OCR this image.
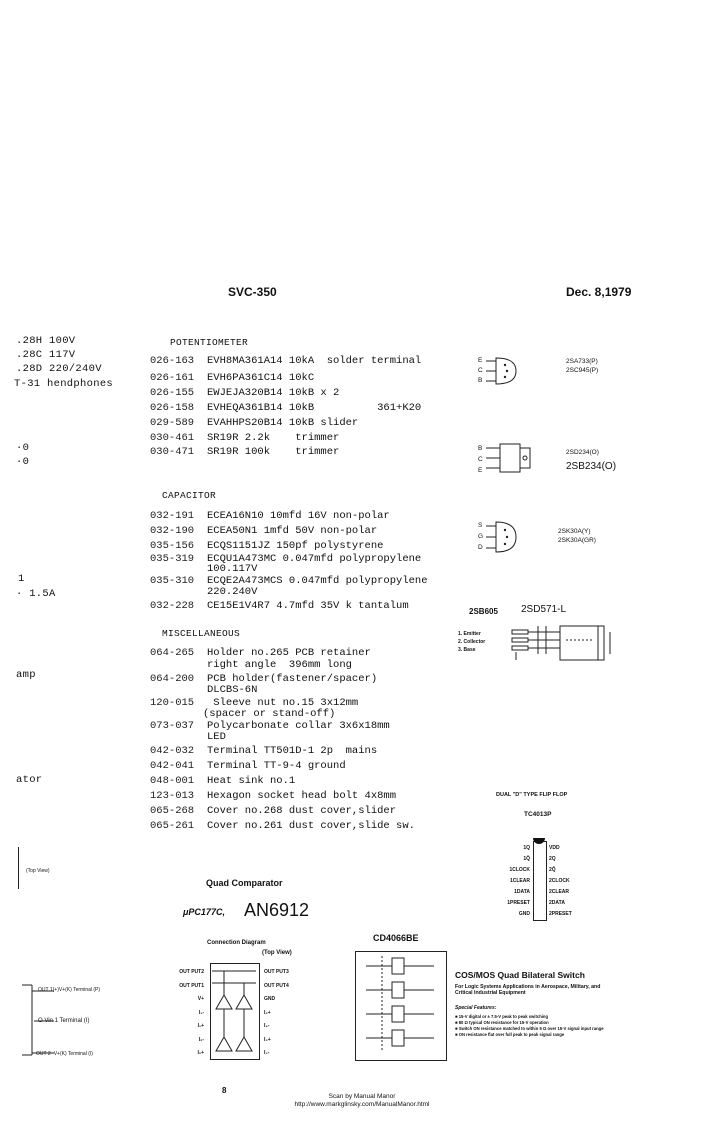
SVC-350	Dec. 8,1979
.28H 100V
.28C 117V
.28D 220/240V
T-31 hendphones
·0
·0
1
· 1.5A
amp
ator
POTENTIOMETER
026-163 EVH8MA361A14 10kA  solder terminal
026-161 EVH6PA361C14 10kC
026-155 EWJEJA320B14 10kB x 2
026-158 EVHEQA361B14 10kB          361+K20
029-589 EVAHHPS20B14 10kB slider
030-461 SR19R 2.2k    trimmer
030-471 SR19R 100k    trimmer
CAPACITOR
032-191 ECEA16N10 10mfd 16V non-polar
032-190 ECEA50N1 1mfd 50V non-polar
035-156 ECQS1151JZ 150pf polystyrene
035-319 ECQU1A473MC 0.047mfd polypropylene
100.117V
035-310 ECQE2A473MCS 0.047mfd polypropylene
220.240V
032-228 CE15E1V4R7 4.7mfd 35V k tantalum
MISCELLANEOUS
064-265 Holder no.265 PCB retainer
right angle  396mm long
064-200 PCB holder(fastener/spacer)
DLCBS-6N
120-015 Sleeve nut no.15 3x12mm
(spacer or stand-off)
073-037 Polycarbonate collar 3x6x18mm
LED
042-032 Terminal TT501D-1 2p  mains
042-041 Terminal TT-9-4 ground
048-001 Heat sink no.1
123-013 Hexagon socket head bolt 4x8mm
065-268 Cover no.268 dust cover,slider
065-261 Cover no.261 dust cover,slide sw.
E
C
B
2SA733(P)
2SC945(P)
B
C
E
2SD234(O)
2SB234(O)
S
G
D
2SK30A(Y)
2SK30A(GR)
2SB605 2SD571-L
1. Emitter
2. Collector
3. Base
DUAL "D" TYPE FLIP FLOP
TC4013P
1Q
1Q̄
1CLOCK
1CLEAR
1DATA
1PRESET
GND
VDD
2Q
2Q̄
2CLOCK
2CLEAR
2DATA
2PRESET
(Top View)
OUT 1(+)V+(K) Terminal (P)
O Vin 1 Terminal (I)
OUT 2 ·V+(K) Terminal (I)
Quad Comparator
μPC177C, AN6912
Connection Diagram
(Top View)
OUT PUT2
OUT PUT1
V+
I₁-
I₁+
I₂-
I₂+
OUT PUT3
OUT PUT4
GND
I₄+
I₄-
I₃+
I₃-
CD4066BE
COS/MOS Quad Bilateral Switch
For Logic Systems Applications in Aerospace, Military, and Critical Industrial Equipment
Special Features:
■ 15-V digital or ± 7.5-V peak to peak switching
■ 80 Ω typical ON resistance for 15-V operation
■ Switch ON resistance matched to within 5 Ω over 15-V signal input range
■ ON resistance flat over full peak to peak signal range
8
Scan by Manual Manor
http://www.markglinsky.com/ManualManor.html
